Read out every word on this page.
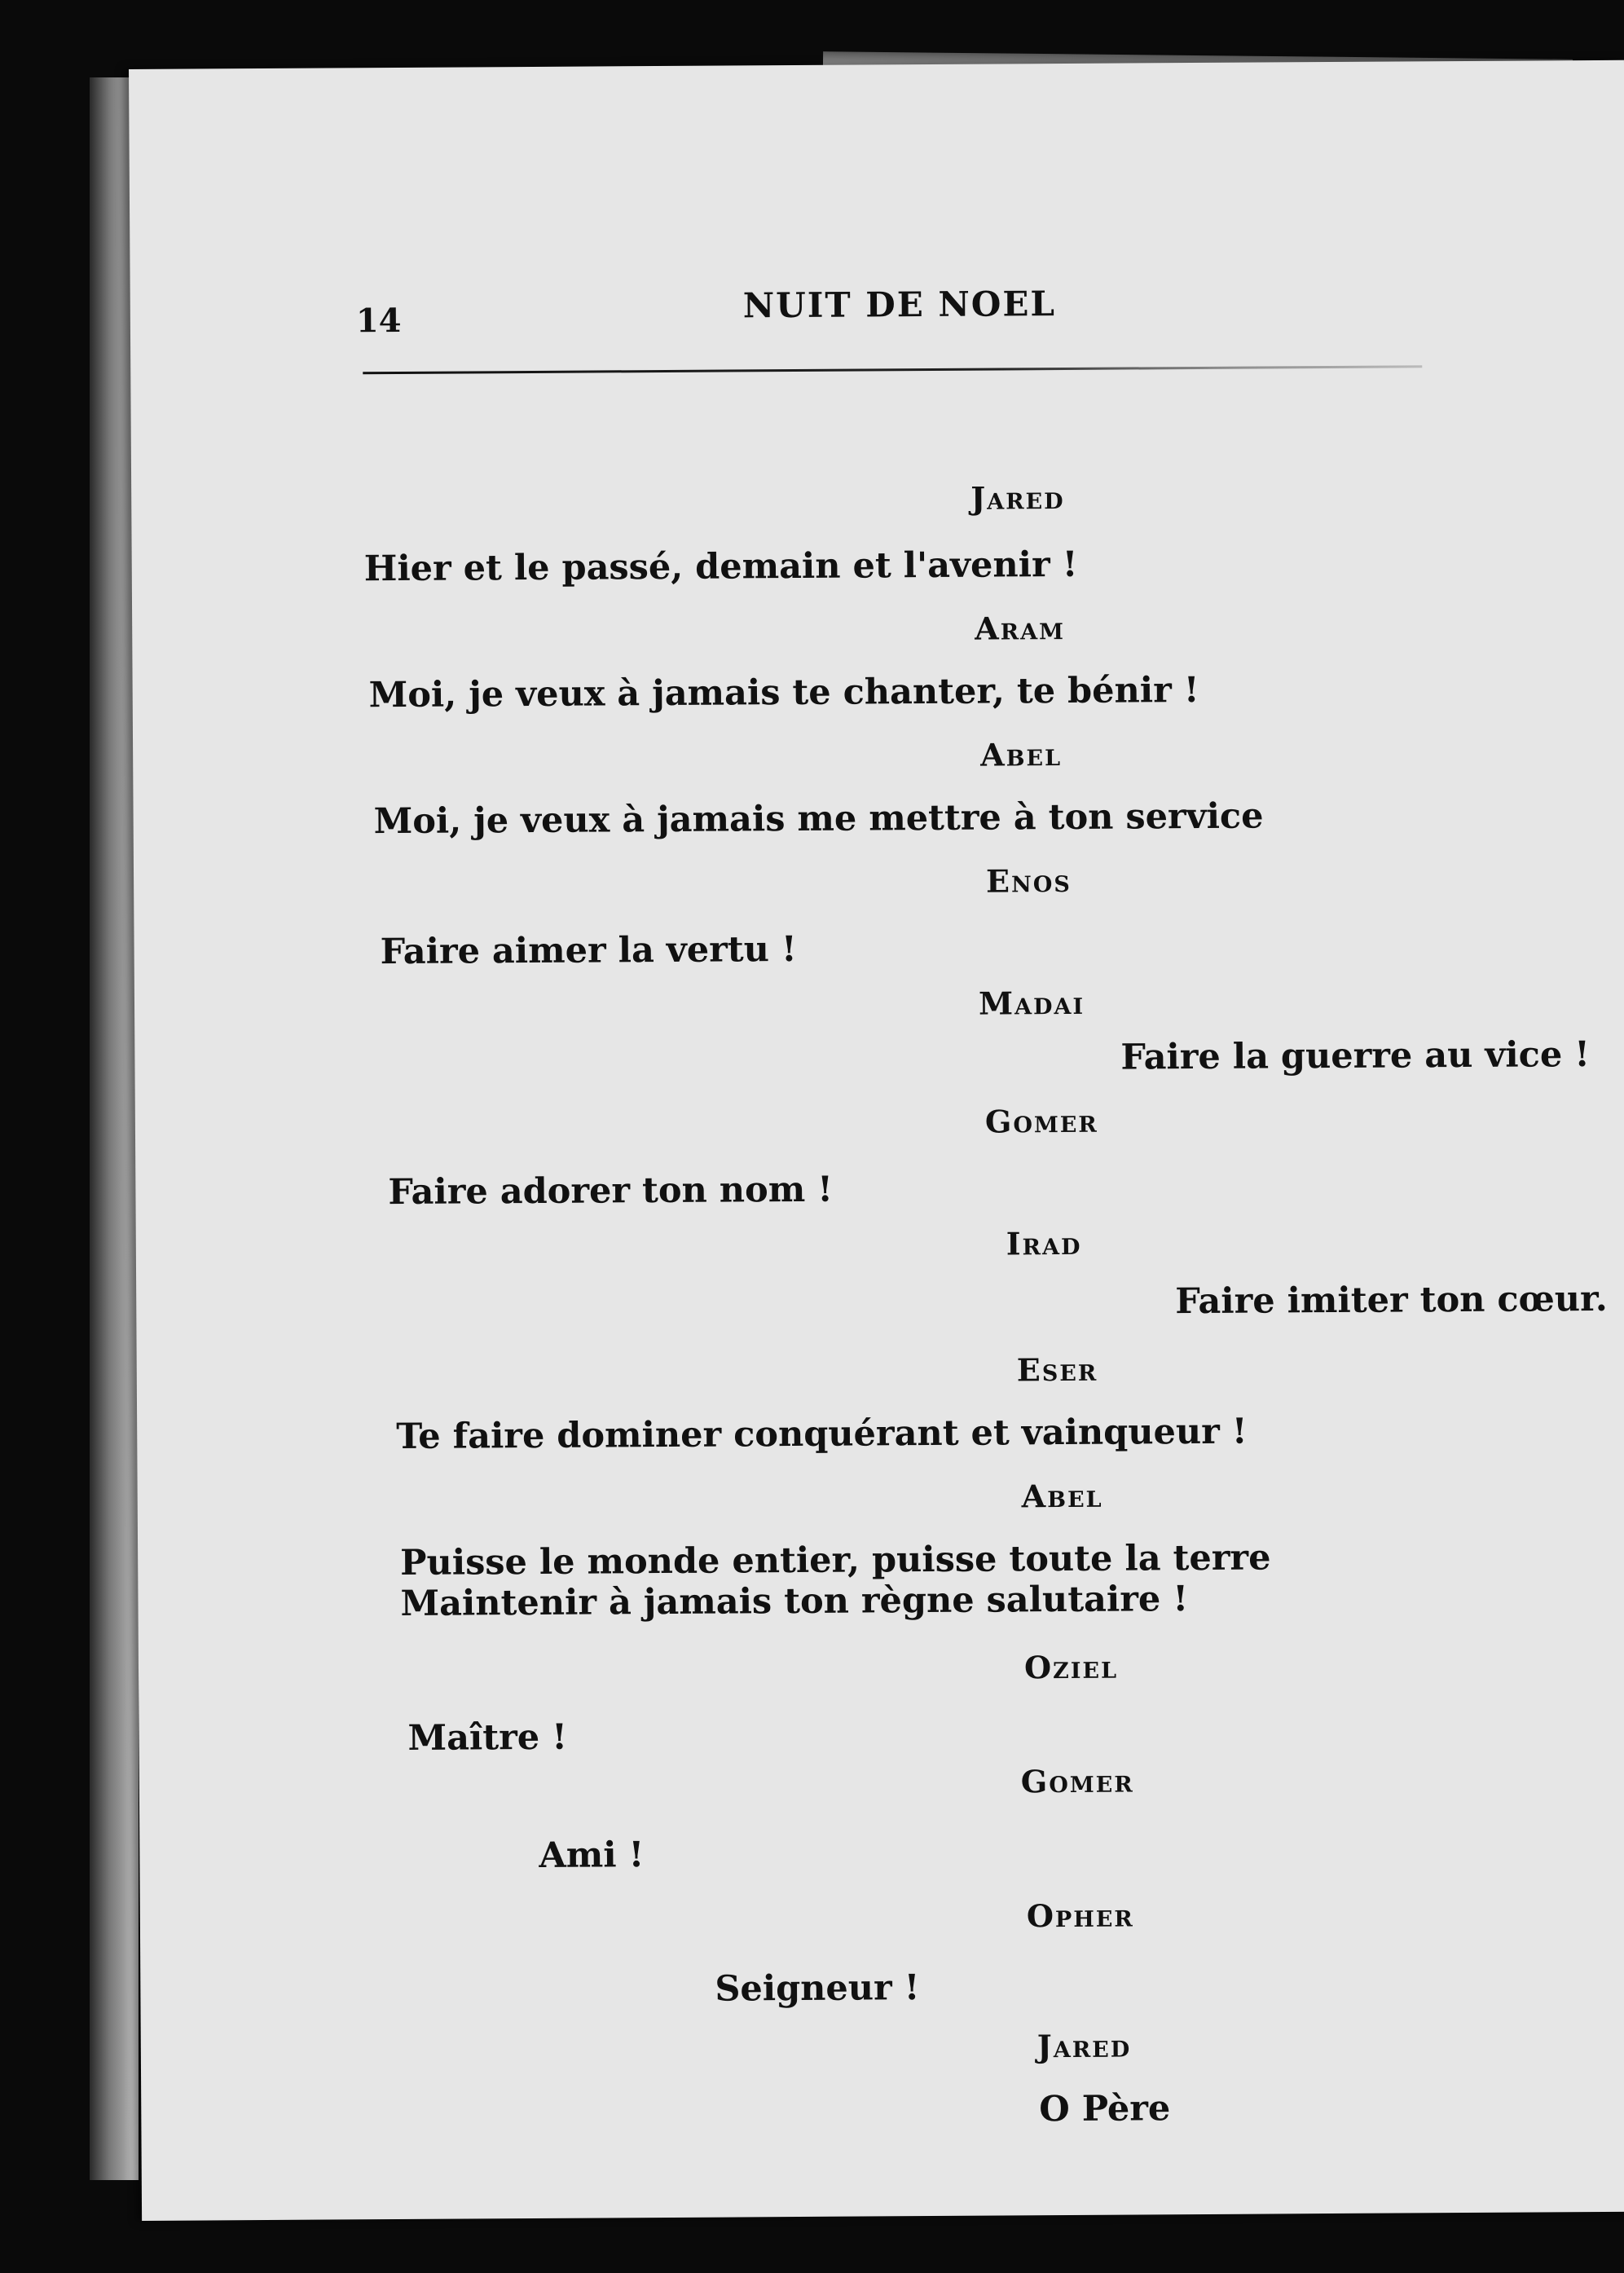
14	NUIT DE NOEL
Jared
Hier et le passé, demain et l'avenir !
Aram
Moi, je veux à jamais te chanter, te bénir !
Abel
Moi, je veux à jamais me mettre à ton service
Enos
Faire aimer la vertu !
Madai
Faire la guerre au vice !
Gomer
Faire adorer ton nom !
Irad
Faire imiter ton cœur.
Eser
Te faire dominer conquérant et vainqueur !
Abel
Puisse le monde entier, puisse toute la terre
Maintenir à jamais ton règne salutaire !
Oziel
Maître !
Gomer
Ami !
Opher
Seigneur !
Jared
O Père
